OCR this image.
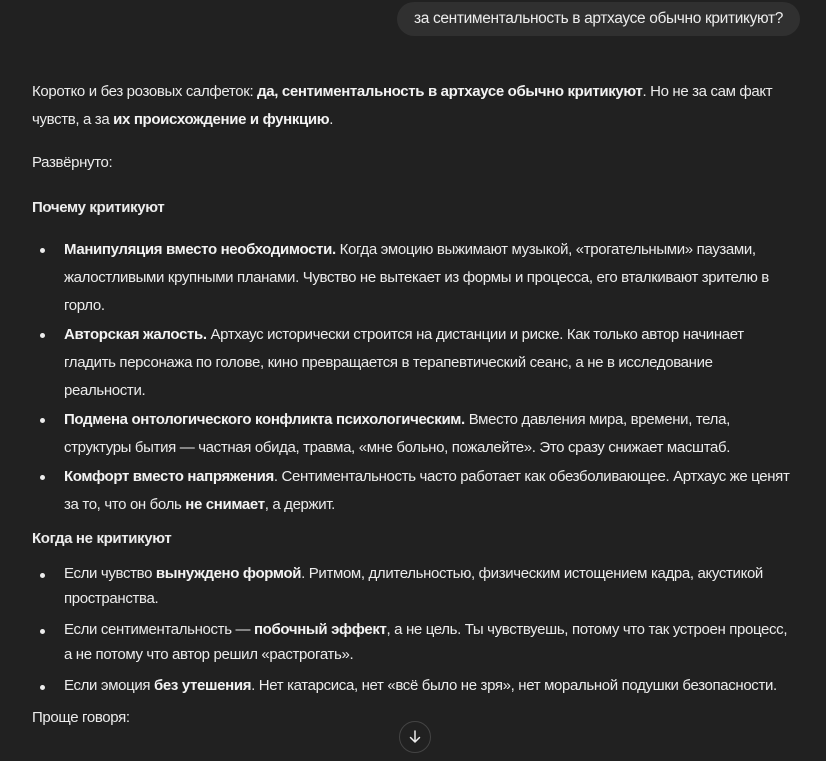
за сентиментальность в артхаусе обычно критикуют?

Коротко и без розовых салфеток: да, сентиментальность в артхаусе обычно критикуют. Но не за сам факт чувств, а за их происхождение и функцию.

Развёрнуто:

Почему критикуют

Манипуляция вместо необходимости. Когда эмоцию выжимают музыкой, «трогательными» паузами, жалостливыми крупными планами. Чувство не вытекает из формы и процесса, его вталкивают зрителю в горло.
Авторская жалость. Артхаус исторически строится на дистанции и риске. Как только автор начинает гладить персонажа по голове, кино превращается в терапевтический сеанс, а не в исследование реальности.
Подмена онтологического конфликта психологическим. Вместо давления мира, времени, тела, структуры бытия — частная обида, травма, «мне больно, пожалейте». Это сразу снижает масштаб.
Комфорт вместо напряжения. Сентиментальность часто работает как обезболивающее. Артхаус же ценят за то, что он боль не снимает, а держит.

Когда не критикуют

Если чувство вынуждено формой. Ритмом, длительностью, физическим истощением кадра, акустикой пространства.
Если сентиментальность — побочный эффект, а не цель. Ты чувствуешь, потому что так устроен процесс, а не потому что автор решил «растрогать».
Если эмоция без утешения. Нет катарсиса, нет «всё было не зря», нет моральной подушки безопасности.

Проще говоря:
